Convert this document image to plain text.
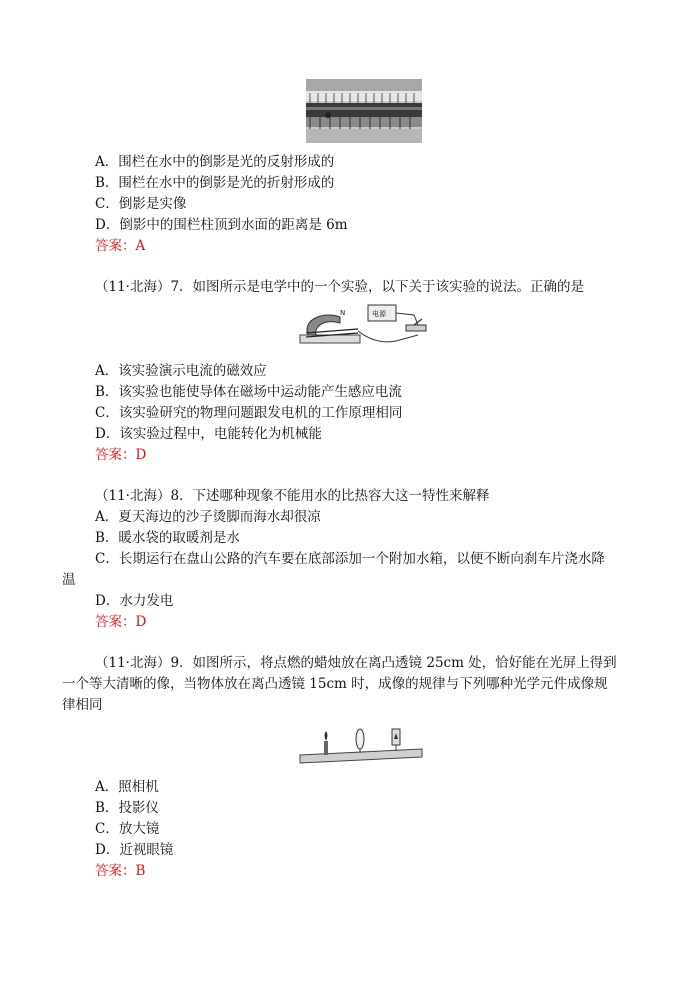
A．围栏在水中的倒影是光的反射形成的
B．围栏在水中的倒影是光的折射形成的
C．倒影是实像
D．倒影中的围栏柱顶到水面的距离是 6m
答案：A
（11·北海）7．如图所示是电学中的一个实验，以下关于该实验的说法。正确的是
N	电源
A．该实验演示电流的磁效应
B．该实验也能使导体在磁场中运动能产生感应电流
C．该实验研究的物理问题跟发电机的工作原理相同
D．该实验过程中，电能转化为机械能
答案：D
（11·北海）8．下述哪种现象不能用水的比热容大这一特性来解释
A．夏天海边的沙子烫脚而海水却很凉
B．暖水袋的取暖剂是水
C．长期运行在盘山公路的汽车要在底部添加一个附加水箱，以便不断向刹车片浇水降
温
D．水力发电
答案：D
（11·北海）9．如图所示，将点燃的蜡烛放在离凸透镜 25cm 处，恰好能在光屏上得到
一个等大清晰的像，当物体放在离凸透镜 15cm 时，成像的规律与下列哪种光学元件成像规
律相同
A．照相机
B．投影仪
C．放大镜
D．近视眼镜
答案：B
